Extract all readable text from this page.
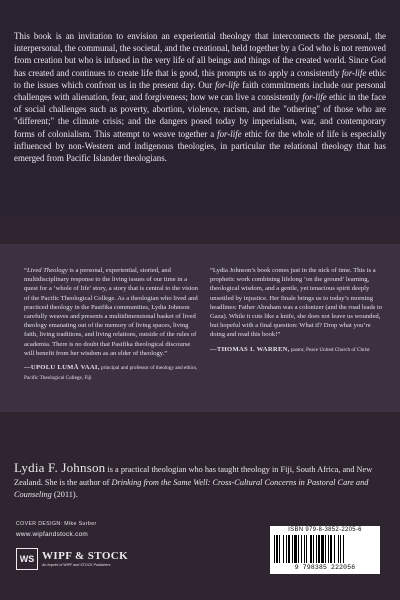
This book is an invitation to envision an experiential theology that interconnects the personal, the interpersonal, the communal, the societal, and the creational, held together by a God who is not removed from creation but who is infused in the very life of all beings and things of the created world. Since God has created and continues to create life that is good, this prompts us to apply a consistently for-life ethic to the issues which confront us in the present day. Our for-life faith commitments include our personal challenges with alienation, fear, and forgiveness; how we can live a consistently for-life ethic in the face of social challenges such as poverty, abortion, violence, racism, and the "othering" of those who are "different;" the climate crisis; and the dangers posed today by imperialism, war, and contemporary forms of colonialism. This attempt to weave together a for-life ethic for the whole of life is especially influenced by non-Western and indigenous theologies, in particular the relational theology that has emerged from Pacific Islander theologians.

“Lived Theology is a personal, experiential, storied, and multidisciplinary response to the living issues of our time in a quest for a ‘whole of life’ story, a story that is central to the vision of the Pacific Theological College. As a theologian who lived and practiced theology in the Pasifika communities, Lydia Johnson carefully weaves and presents a multidimensional basket of lived theology emanating out of the memory of living spaces, living faith, living traditions, and living relations, outside of the rules of academia. There is no doubt that Pasifika theological discourse will benefit from her wisdom as an elder of theology.”

—UPOLU LUMĀ VAAI, principal and professor of theology and ethics, Pacific Theological College, Fiji

“Lydia Johnson’s book comes just in the nick of time. This is a prophetic work combining lifelong ‘on the ground’ learning, theological wisdom, and a gentle, yet tenacious spirit deeply unsettled by injustice. Her finale brings us to today’s morning headlines: Father Abraham was a colonizer (and the road leads to Gaza). While it cuts like a knife, she does not leave us wounded, but hopeful with a final question: What if? Drop what you’re doing and read this book!”

—THOMAS I. WARREN, pastor, Peace United Church of Christ

Lydia F. Johnson is a practical theologian who has taught theology in Fiji, South Africa, and New Zealand. She is the author of Drinking from the Same Well: Cross-Cultural Concerns in Pastoral Care and Counseling (2011).
COVER DESIGN: Mike Surber
www.wipfandstock.com
WS WIPF & STOCK
An Imprint of WIPF and STOCK Publishers
ISBN 979-8-3852-2205-6
9 798385 222056
